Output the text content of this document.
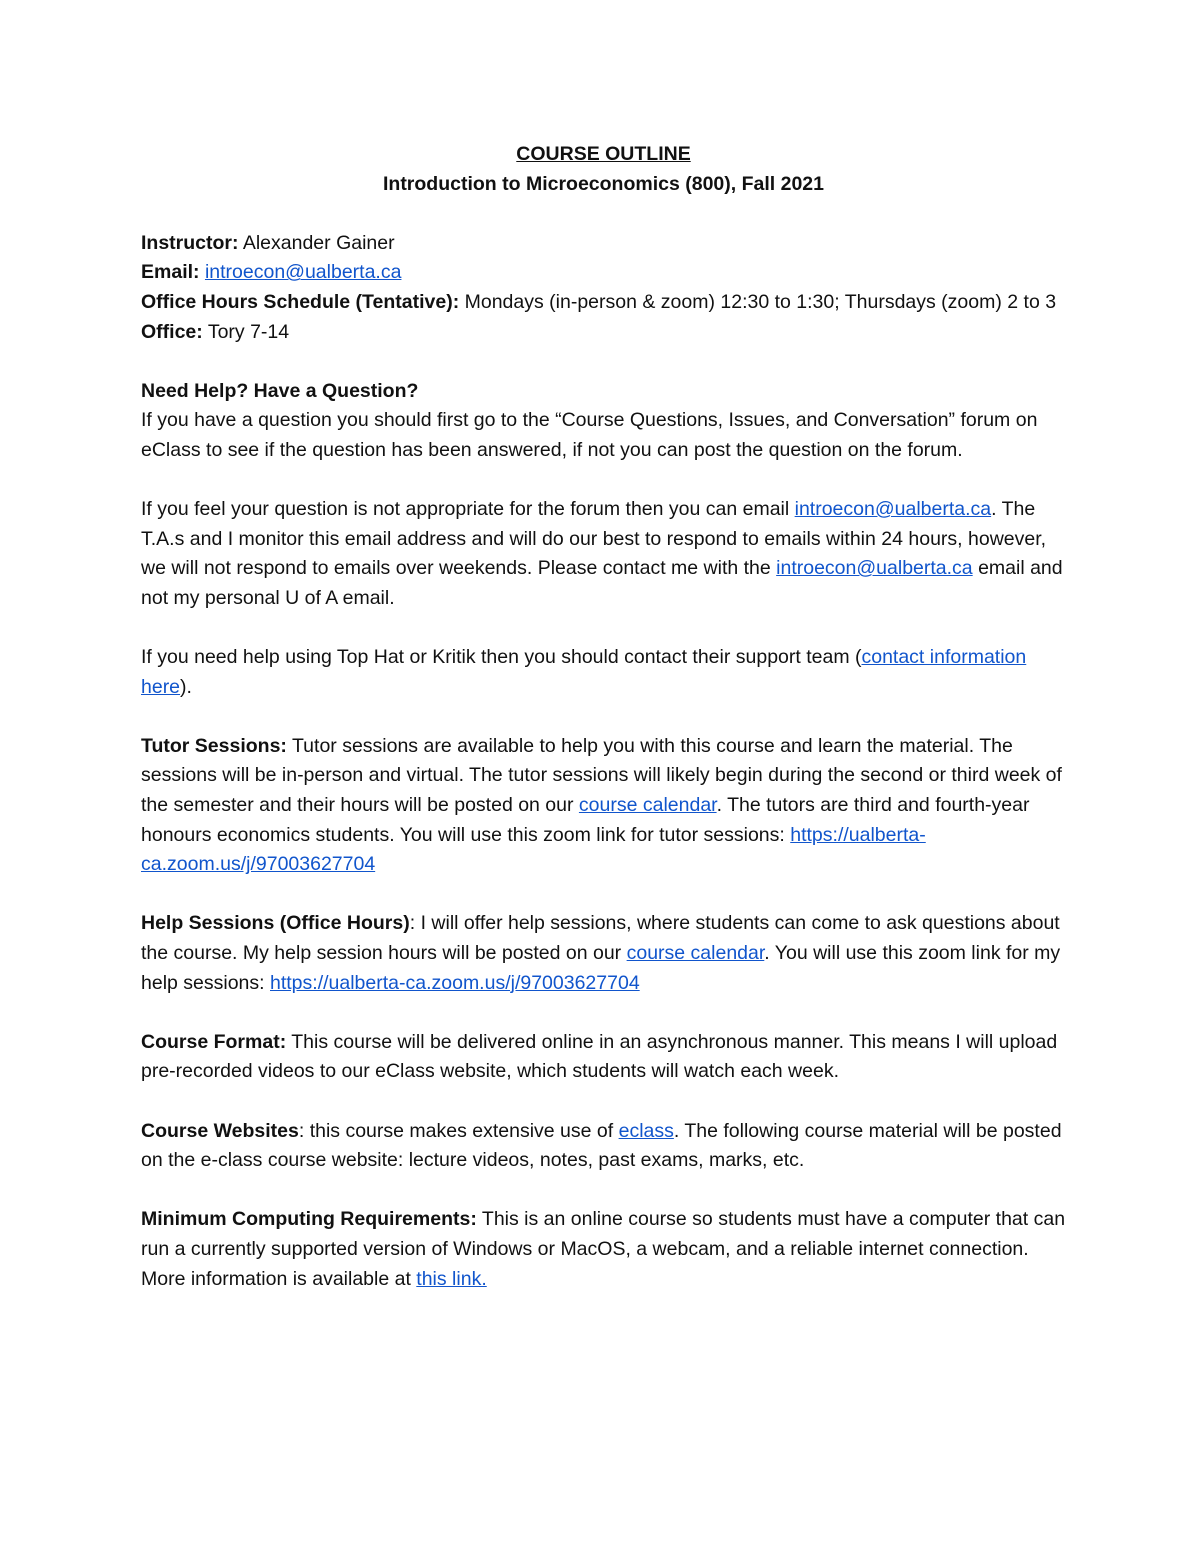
COURSE OUTLINE
Introduction to Microeconomics (800), Fall 2021

Instructor: Alexander Gainer

Email: introecon@ualberta.ca

Office Hours Schedule (Tentative): Mondays (in-person & zoom) 12:30 to 1:30; Thursdays (zoom) 2 to 3

Office: Tory 7-14

Need Help? Have a Question?

If you have a question you should first go to the “Course Questions, Issues, and Conversation” forum on eClass to see if the question has been answered, if not you can post the question on the forum.

If you feel your question is not appropriate for the forum then you can email introecon@ualberta.ca. The T.A.s and I monitor this email address and will do our best to respond to emails within 24 hours, however, we will not respond to emails over weekends. Please contact me with the introecon@ualberta.ca email and not my personal U of A email.

If you need help using Top Hat or Kritik then you should contact their support team (contact information here).

Tutor Sessions: Tutor sessions are available to help you with this course and learn the material. The sessions will be in-person and virtual. The tutor sessions will likely begin during the second or third week of the semester and their hours will be posted on our course calendar. The tutors are third and fourth-year honours economics students. You will use this zoom link for tutor sessions: https://ualberta-ca.zoom.us/j/97003627704

Help Sessions (Office Hours): I will offer help sessions, where students can come to ask questions about the course. My help session hours will be posted on our course calendar. You will use this zoom link for my help sessions: https://ualberta-ca.zoom.us/j/97003627704

Course Format: This course will be delivered online in an asynchronous manner. This means I will upload pre-recorded videos to our eClass website, which students will watch each week.

Course Websites: this course makes extensive use of eclass. The following course material will be posted on the e-class course website: lecture videos, notes, past exams, marks, etc.

Minimum Computing Requirements: This is an online course so students must have a computer that can run a currently supported version of Windows or MacOS, a webcam, and a reliable internet connection. More information is available at this link.
